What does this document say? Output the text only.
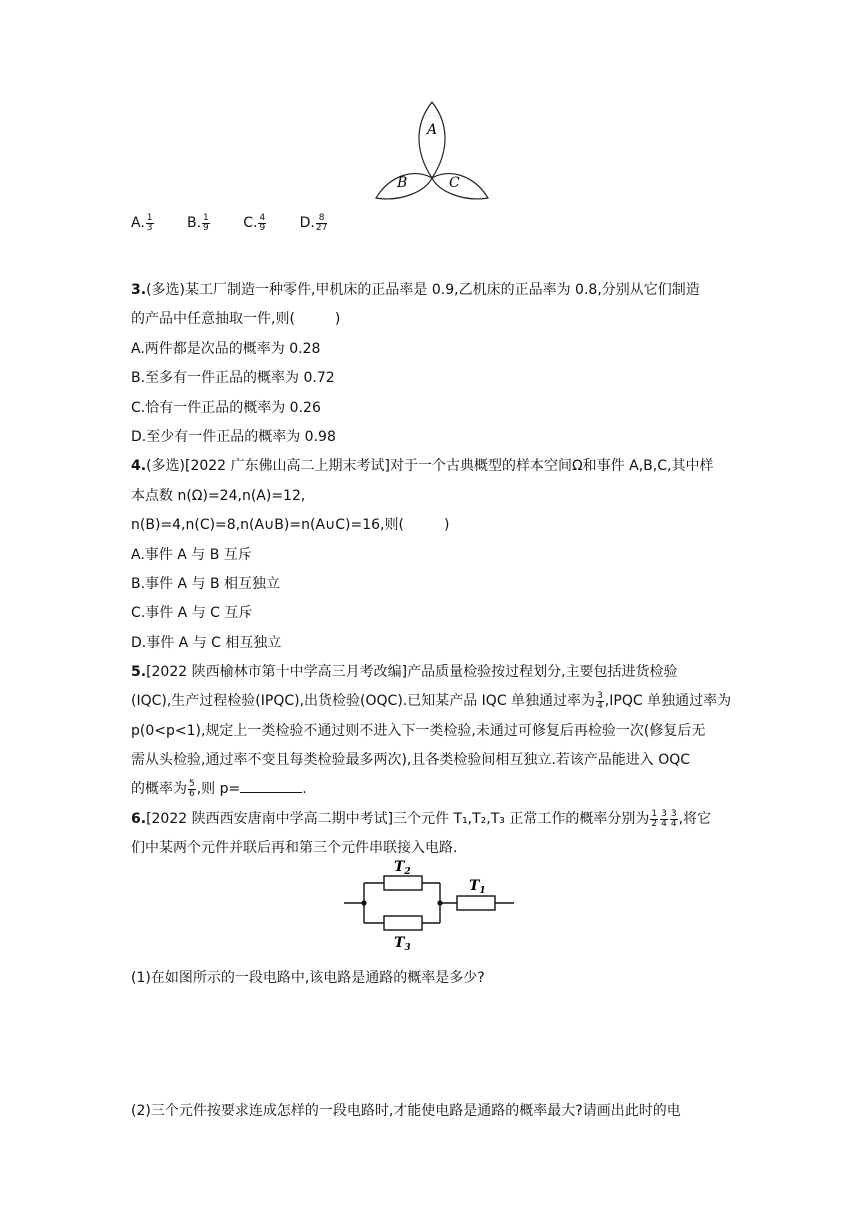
A
B	C
A. $\frac{1}{3} B$. $\frac{1}{9} C$. $\frac{4}{9} D$. $\frac{8}{27}$
3.(多选)某工厂制造一种零件,甲机床的正品率是 0.9,乙机床的正品率为 0.8,分别从它们制造
的产品中任意抽取一件,则(	)
A.两件都是次品的概率为 0.28
B.至多有一件正品的概率为 0.72
C.恰有一件正品的概率为 0.26
D.至少有一件正品的概率为 0.98
4.(多选)[2022 广东佛山高二上期末考试]对于一个古典概型的样本空间Ω和事件 A,B,C,其中样
本点数 n(Ω)=24,n(A)=12,
n(B)=4,n(C)=8,n(A∪B)=n(A∪C)=16,则(	)
A.事件 A 与 B 互斥
B.事件 A 与 B 相互独立
C.事件 A 与 C 互斥
D.事件 A 与 C 相互独立
5.[2022 陕西榆林市第十中学高三月考改编]产品质量检验按过程划分,主要包括进货检验
(IQC),生产过程检验(IPQC),出货检验(OQC).已知某产品 IQC 单独通过率为 $\frac{3}{4}$ ,IPQC 单独通过率为
p(0<p<1),规定上一类检验不通过则不进入下一类检验,未通过可修复后再检验一次(修复后无
需从头检验,通过率不变且每类检验最多两次),且各类检验间相互独立.若该产品能进入 OQC
的概率为 $\frac{5}{6}$ ,则 p=	.
6.[2022 陕西西安唐南中学高二期中考试]三个元件 T₁,T₂,T₃ 正常工作的概率分别为 $\frac{1}{2} \frac{3}{4} \frac{3}{4}$ ,将它
们中某两个元件并联后再和第三个元件串联接入电路.
$T_2$
$T_3$
$T_1$
(1)在如图所示的一段电路中,该电路是通路的概率是多少?
(2)三个元件按要求连成怎样的一段电路时,才能使电路是通路的概率最大?请画出此时的电
